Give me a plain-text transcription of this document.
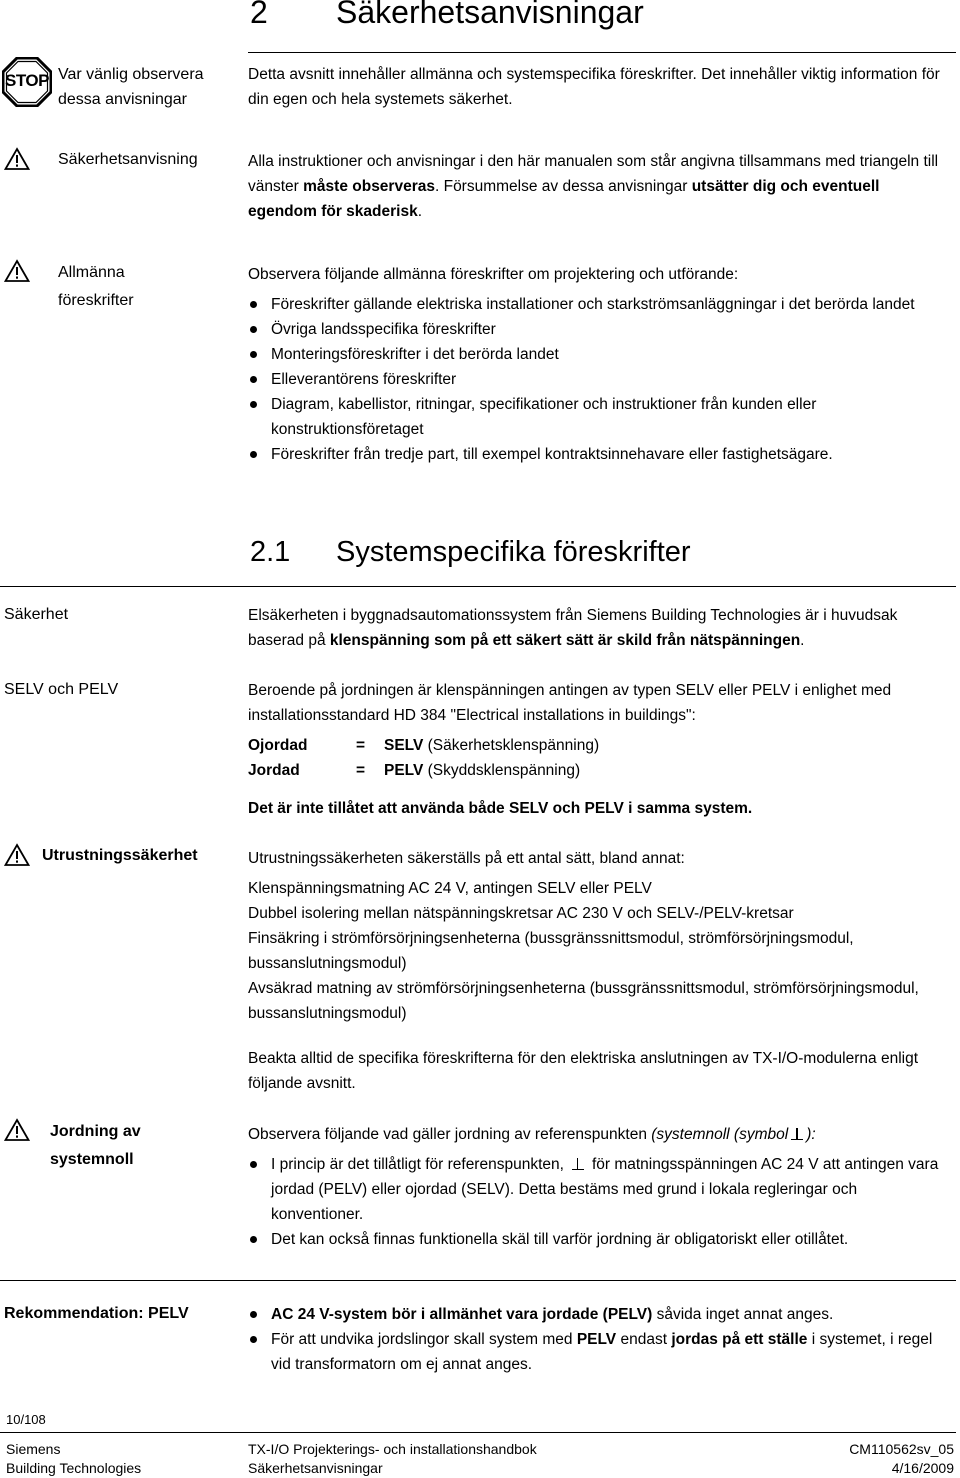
2 Säkerhetsanvisningar
STOP Var vänlig observera dessa anvisningar
Detta avsnitt innehåller allmänna och systemspecifika föreskrifter. Det innehåller viktig information för din egen och hela systemets säkerhet.
Säkerhetsanvisning	Alla instruktioner och anvisningar i den här manualen som står angivna tillsammans med triangeln till vänster måste observeras. Försummelse av dessa anvisningar utsätter dig och eventuell egendom för skaderisk.
Allmänna föreskrifter
Observera följande allmänna föreskrifter om projektering och utförande:
Föreskrifter gällande elektriska installationer och starkströmsanläggningar i det berörda landet
Övriga landsspecifika föreskrifter
Monteringsföreskrifter i det berörda landet
Elleverantörens föreskrifter
Diagram, kabellistor, ritningar, specifikationer och instruktioner från kunden eller konstruktionsföretaget
Föreskrifter från tredje part, till exempel kontraktsinnehavare eller fastighetsägare.
2.1 Systemspecifika föreskrifter
Säkerhet	Elsäkerheten i byggnadsautomationssystem från Siemens Building Technologies är i huvudsak baserad på klenspänning som på ett säkert sätt är skild från nätspänningen.
SELV och PELV	Beroende på jordningen är klenspänningen antingen av typen SELV eller PELV i enlighet med installationsstandard HD 384 "Electrical installations in buildings":
Ojordad	= SELV (Säkerhetsklenspänning)
Jordad	= PELV (Skyddsklenspänning)
Det är inte tillåtet att använda både SELV och PELV i samma system.
Utrustningssäkerhet	Utrustningssäkerheten säkerställs på ett antal sätt, bland annat:
Klenspänningsmatning AC 24 V, antingen SELV eller PELV
Dubbel isolering mellan nätspänningskretsar AC 230 V och SELV-/PELV-kretsar
Finsäkring i strömförsörjningsenheterna (bussgränssnittsmodul, strömförsörjningsmodul, bussanslutningsmodul)
Avsäkrad matning av strömförsörjningsenheterna (bussgränssnittsmodul, strömförsörjningsmodul, bussanslutningsmodul)
Beakta alltid de specifika föreskrifterna för den elektriska anslutningen av TX-I/O-modulerna enligt följande avsnitt.
Jordning av systemnoll
Observera följande vad gäller jordning av referenspunkten (systemnoll (symbol ):
I princip är det tillåtligt för referenspunkten, för matningsspänningen AC 24 V att antingen vara jordad (PELV) eller ojordad (SELV). Detta bestäms med grund i lokala regleringar och konventioner.
Det kan också finnas funktionella skäl till varför jordning är obligatoriskt eller otillåtet.
Rekommendation: PELV	AC 24 V-system bör i allmänhet vara jordade (PELV) såvida inget annat anges.
För att undvika jordslingor skall system med PELV endast jordas på ett ställe i systemet, i regel vid transformatorn om ej annat anges.
10/108
Siemens
Building Technologies
TX-I/O Projekterings- och installationshandbok
Säkerhetsanvisningar
CM110562sv_05
4/16/2009
